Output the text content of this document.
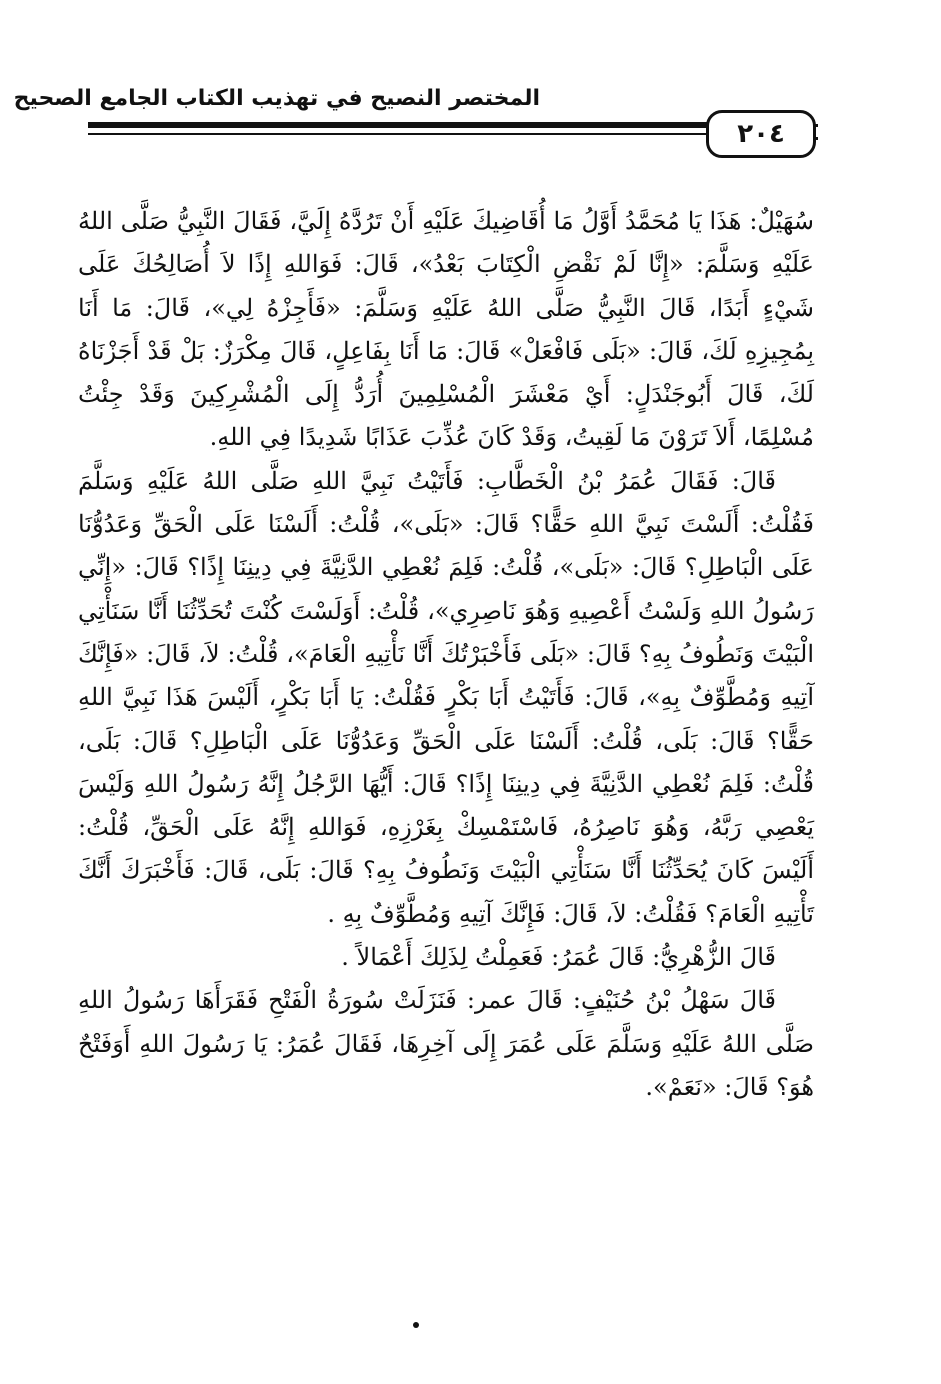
المختصر النصيح في تهذيب الكتاب الجامع الصحيح
٢٠٤

سُهَيْلٌ: هَذَا يَا مُحَمَّدُ أَوَّلُ مَا أُقَاضِيكَ عَلَيْهِ أَنْ تَرُدَّهُ إِلَيَّ، فَقَالَ النَّبِيُّ صَلَّى اللهُ عَلَيْهِ وَسَلَّمَ: «إِنَّا لَمْ نَقْضِ الْكِتَابَ بَعْدُ»، قَالَ: فَوَاللهِ إِذًا لاَ أُصَالِحُكَ عَلَى شَيْءٍ أَبَدًا، قَالَ النَّبِيُّ صَلَّى اللهُ عَلَيْهِ وَسَلَّمَ: «فَأَجِزْهُ لِي»، قَالَ: مَا أَنَا بِمُجِيزِهِ لَكَ، قَالَ: «بَلَى فَافْعَلْ» قَالَ: مَا أَنَا بِفَاعِلٍ، قَالَ مِكْرَزٌ: بَلْ قَدْ أَجَزْنَاهُ لَكَ، قَالَ أَبُوجَنْدَلٍ: أَيْ مَعْشَرَ الْمُسْلِمِينَ أُرَدُّ إِلَى الْمُشْرِكِينَ وَقَدْ جِئْتُ مُسْلِمًا، أَلاَ تَرَوْنَ مَا لَقِيتُ، وَقَدْ كَانَ عُذِّبَ عَذَابًا شَدِيدًا فِي اللهِ.

قَالَ: فَقَالَ عُمَرُ بْنُ الْخَطَّابِ: فَأَتَيْتُ نَبِيَّ اللهِ صَلَّى اللهُ عَلَيْهِ وَسَلَّمَ فَقُلْتُ: أَلَسْتَ نَبِيَّ اللهِ حَقًّا؟ قَالَ: «بَلَى»، قُلْتُ: أَلَسْنَا عَلَى الْحَقِّ وَعَدُوُّنَا عَلَى الْبَاطِلِ؟ قَالَ: «بَلَى»، قُلْتُ: فَلِمَ نُعْطِي الدَّنِيَّةَ فِي دِينِنَا إِذًا؟ قَالَ: «إِنِّي رَسُولُ اللهِ وَلَسْتُ أَعْصِيهِ وَهُوَ نَاصِرِي»، قُلْتُ: أَوَلَسْتَ كُنْتَ تُحَدِّثُنَا أَنَّا سَنَأْتِي الْبَيْتَ وَنَطُوفُ بِهِ؟ قَالَ: «بَلَى فَأَخْبَرْتُكَ أَنَّا نَأْتِيهِ الْعَامَ»، قُلْتُ: لاَ، قَالَ: «فَإِنَّكَ آتِيهِ وَمُطَّوِّفٌ بِهِ»، قَالَ: فَأَتَيْتُ أَبَا بَكْرٍ فَقُلْتُ: يَا أَبَا بَكْرٍ، أَلَيْسَ هَذَا نَبِيَّ اللهِ حَقًّا؟ قَالَ: بَلَى، قُلْتُ: أَلَسْنَا عَلَى الْحَقِّ وَعَدُوُّنَا عَلَى الْبَاطِلِ؟ قَالَ: بَلَى، قُلْتُ: فَلِمَ نُعْطِي الدَّنِيَّةَ فِي دِينِنَا إِذًا؟ قَالَ: أَيُّهَا الرَّجُلُ إِنَّهُ رَسُولُ اللهِ وَلَيْسَ يَعْصِي رَبَّهُ، وَهُوَ نَاصِرُهُ، فَاسْتَمْسِكْ بِغَرْزِهِ، فَوَاللهِ إِنَّهُ عَلَى الْحَقِّ، قُلْتُ: أَلَيْسَ كَانَ يُحَدِّثُنَا أَنَّا سَنَأْتِي الْبَيْتَ وَنَطُوفُ بِهِ؟ قَالَ: بَلَى، قَالَ: فَأَخْبَرَكَ أَنَّكَ تَأْتِيهِ الْعَامَ؟ فَقُلْتُ: لاَ، قَالَ: فَإِنَّكَ آتِيهِ وَمُطَّوِّفٌ بِهِ .

قَالَ الزُّهْرِيُّ: قَالَ عُمَرُ: فَعَمِلْتُ لِذَلِكَ أَعْمَالاً .

قَالَ سَهْلُ بْنُ حُنَيْفٍ: قَالَ عمر: فَنَزَلَتْ سُورَةُ الْفَتْحِ فَقَرَأَهَا رَسُولُ اللهِ صَلَّى اللهُ عَلَيْهِ وَسَلَّمَ عَلَى عُمَرَ إِلَى آخِرِهَا، فَقَالَ عُمَرُ: يَا رَسُولَ اللهِ أَوَفَتْحٌ هُوَ؟ قَالَ: «نَعَمْ».
